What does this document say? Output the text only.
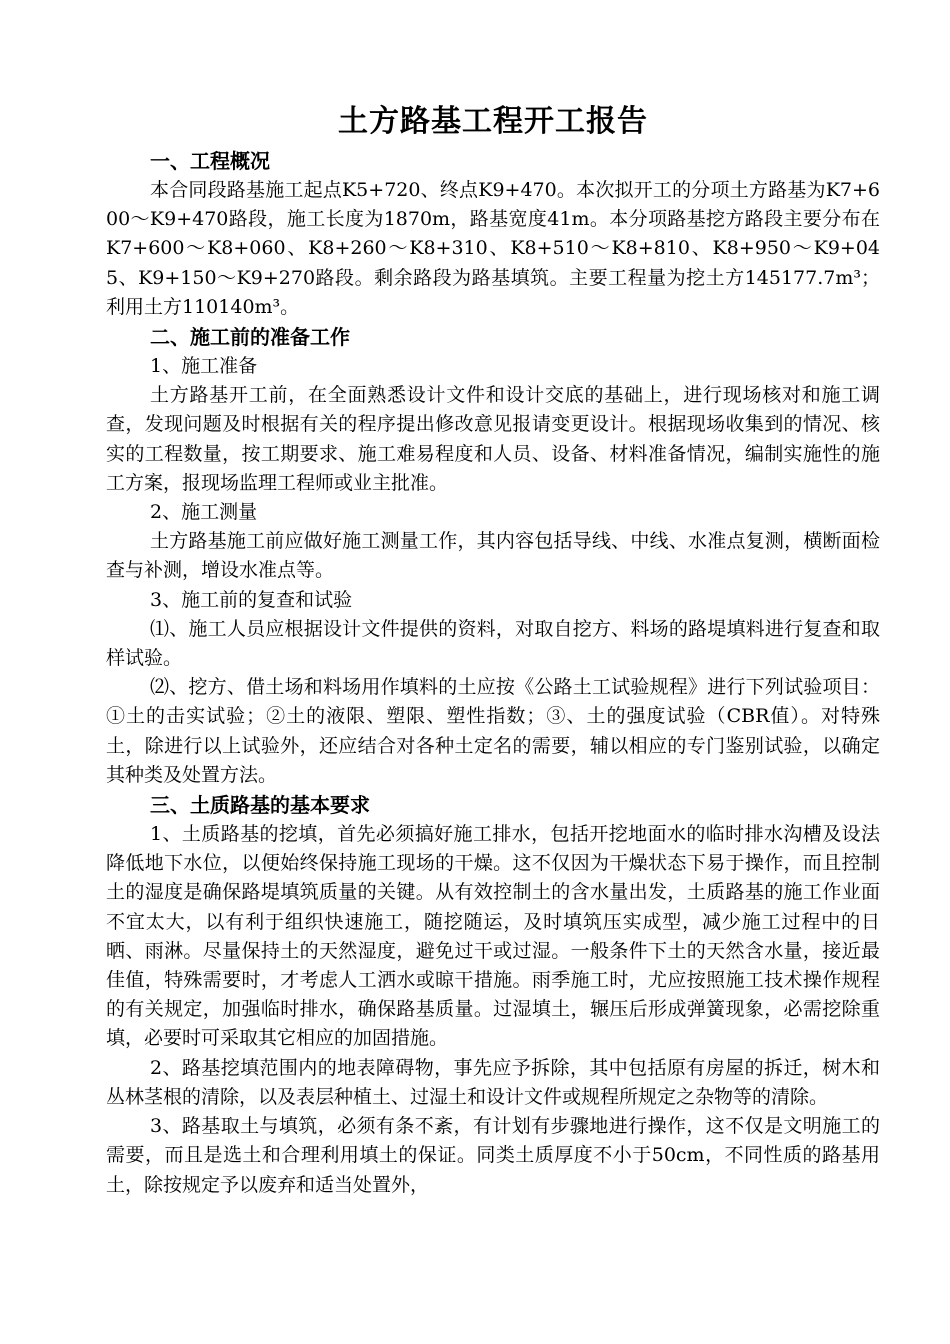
土方路基工程开工报告
一、工程概况

本合同段路基施工起点K5+720、终点K9+470。本次拟开工的分项土方路基为K7+600～K9+470路段，施工长度为1870m，路基宽度41m。本分项路基挖方路段主要分布在K7+600～K8+060、K8+260～K8+310、K8+510～K8+810、K8+950～K9+045、K9+150～K9+270路段。剩余路段为路基填筑。主要工程量为挖土方145177.7m³；利用土方110140m³。

二、施工前的准备工作

1、施工准备

土方路基开工前，在全面熟悉设计文件和设计交底的基础上，进行现场核对和施工调查，发现问题及时根据有关的程序提出修改意见报请变更设计。根据现场收集到的情况、核实的工程数量，按工期要求、施工难易程度和人员、设备、材料准备情况，编制实施性的施工方案，报现场监理工程师或业主批准。

2、施工测量

土方路基施工前应做好施工测量工作，其内容包括导线、中线、水准点复测，横断面检查与补测，增设水准点等。

3、施工前的复查和试验

⑴、施工人员应根据设计文件提供的资料，对取自挖方、料场的路堤填料进行复查和取样试验。

⑵、挖方、借土场和料场用作填料的土应按《公路土工试验规程》进行下列试验项目：①土的击实试验；②土的液限、塑限、塑性指数；③、土的强度试验（CBR值）。对特殊土，除进行以上试验外，还应结合对各种土定名的需要，辅以相应的专门鉴别试验，以确定其种类及处置方法。

三、土质路基的基本要求

1、土质路基的挖填，首先必须搞好施工排水，包括开挖地面水的临时排水沟槽及设法降低地下水位，以便始终保持施工现场的干燥。这不仅因为干燥状态下易于操作，而且控制土的湿度是确保路堤填筑质量的关键。从有效控制土的含水量出发，土质路基的施工作业面不宜太大，以有利于组织快速施工，随挖随运，及时填筑压实成型，减少施工过程中的日晒、雨淋。尽量保持土的天然湿度，避免过干或过湿。一般条件下土的天然含水量，接近最佳值，特殊需要时，才考虑人工洒水或晾干措施。雨季施工时，尤应按照施工技术操作规程的有关规定，加强临时排水，确保路基质量。过湿填土，辗压后形成弹簧现象，必需挖除重填，必要时可采取其它相应的加固措施。

2、路基挖填范围内的地表障碍物，事先应予拆除，其中包括原有房屋的拆迁，树木和丛林茎根的清除，以及表层种植土、过湿土和设计文件或规程所规定之杂物等的清除。

3、路基取土与填筑，必须有条不紊，有计划有步骤地进行操作，这不仅是文明施工的需要，而且是选土和合理利用填土的保证。同类土质厚度不小于50cm，不同性质的路基用土，除按规定予以废弃和适当处置外，
